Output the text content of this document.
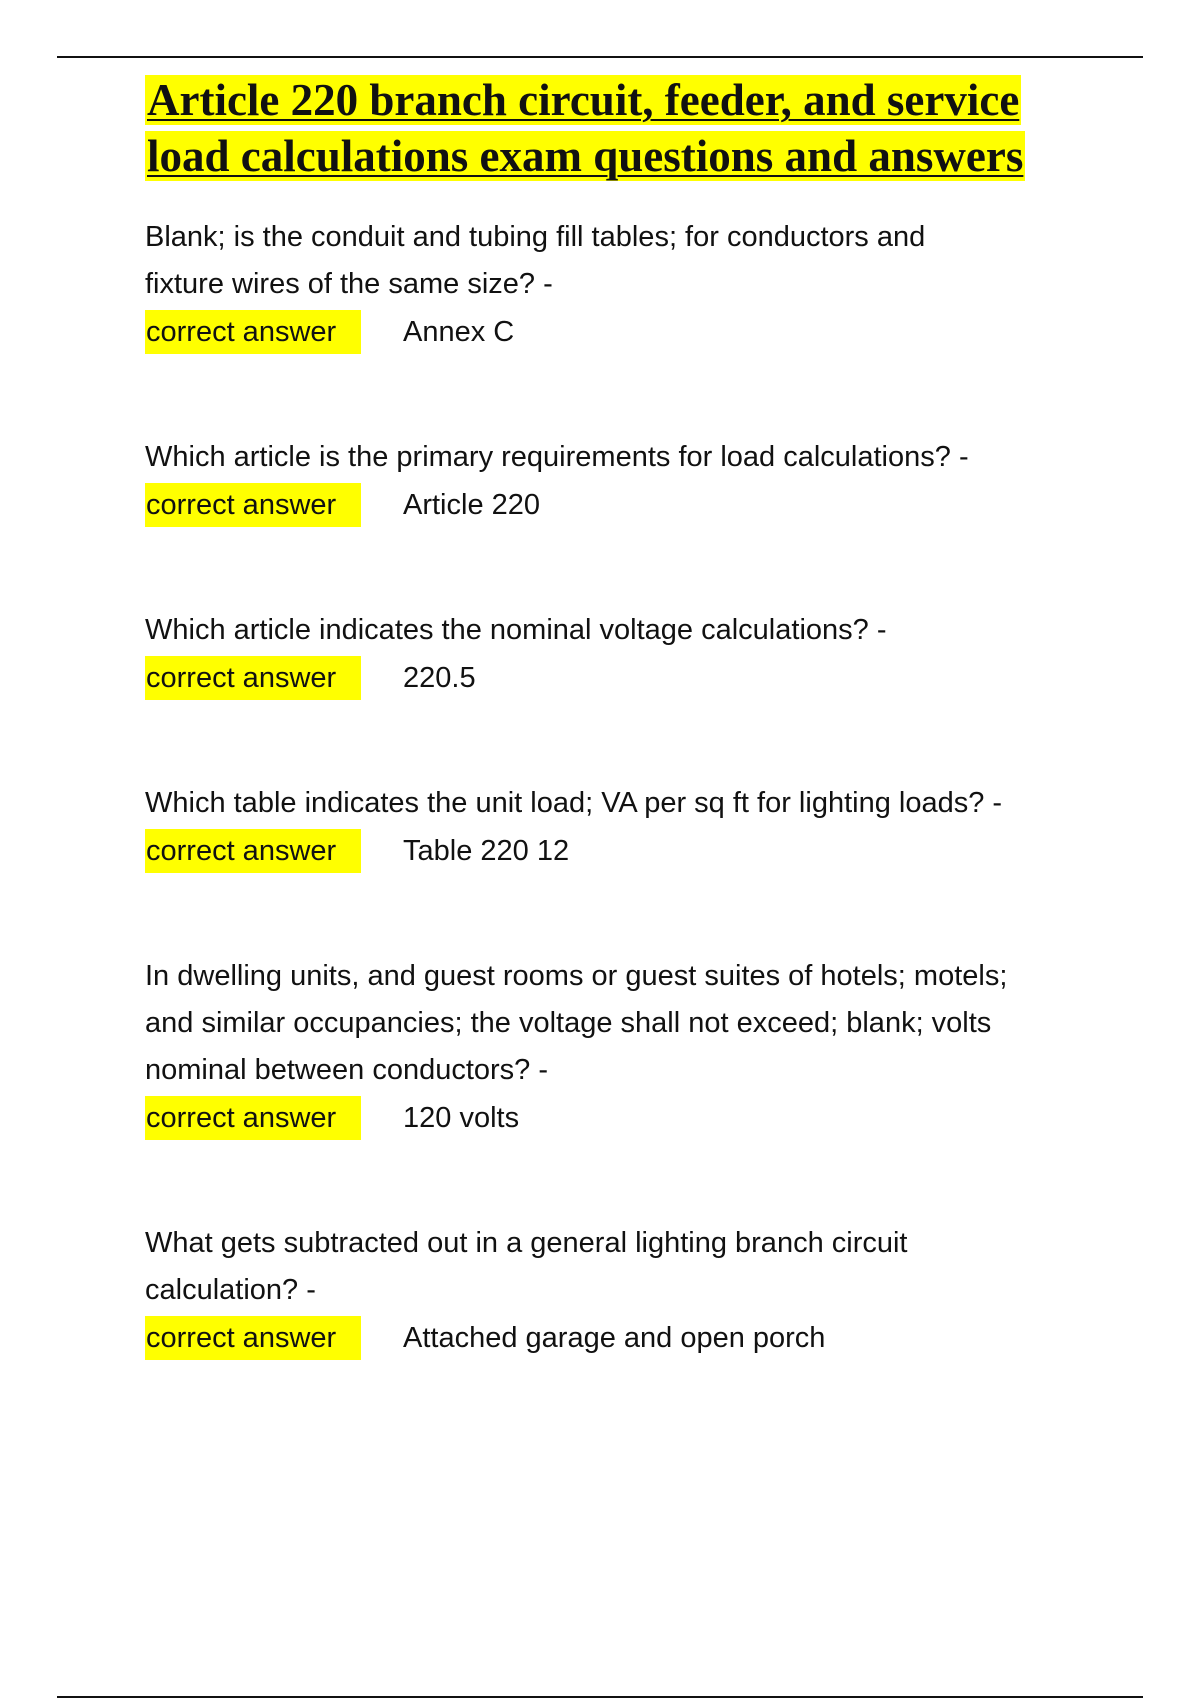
Article 220 branch circuit, feeder, and service
load calculations exam questions and answers

Blank; is the conduit and tubing fill tables; for conductors and
fixture wires of the same size? -

correct answer	Annex C

Which article is the primary requirements for load calculations? -

correct answer	Article 220

Which article indicates the nominal voltage calculations? -

correct answer	220.5

Which table indicates the unit load; VA per sq ft for lighting loads? -

correct answer	Table 220 12

In dwelling units, and guest rooms or guest suites of hotels; motels;
and similar occupancies; the voltage shall not exceed; blank; volts
nominal between conductors? -

correct answer	120 volts

What gets subtracted out in a general lighting branch circuit
calculation? -

correct answer	Attached garage and open porch
